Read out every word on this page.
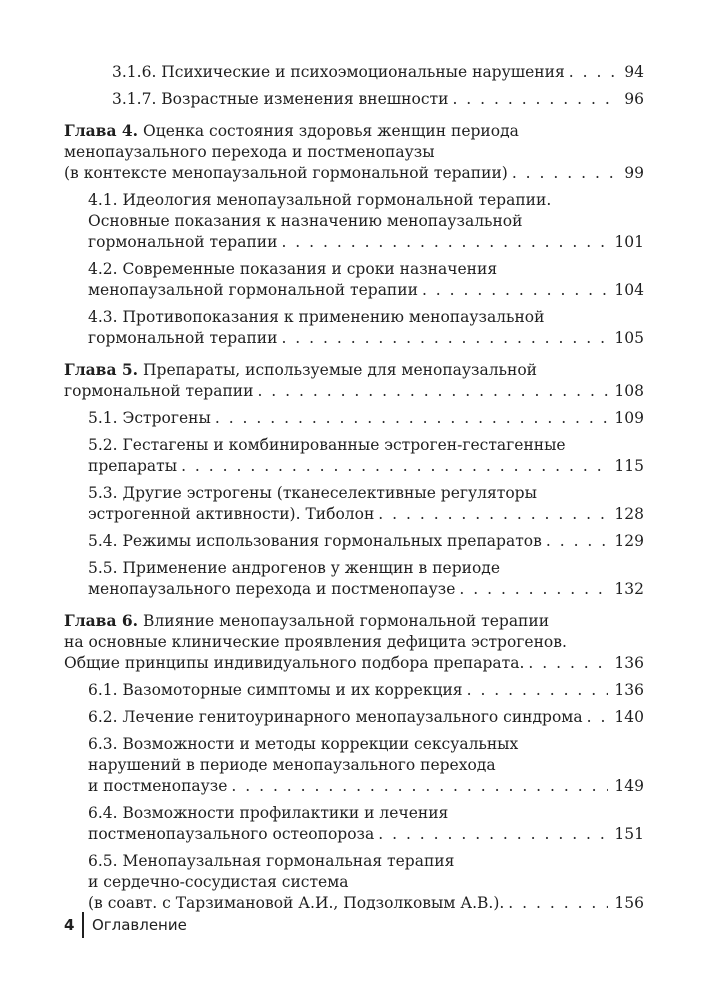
3.1.6. Психические и психоэмоциональные нарушения . . .	94
3.1.7. Возрастные изменения внешности . . .	96
Глава 4. Оценка состояния здоровья женщин периода
менопаузального перехода и постменопаузы
(в контексте менопаузальной гормональной терапии) . . .	99
4.1. Идеология менопаузальной гормональной терапии.
Основные показания к назначению менопаузальной
гормональной терапии . . .	101
4.2. Современные показания и сроки назначения
менопаузальной гормональной терапии . . .	104
4.3. Противопоказания к применению менопаузальной
гормональной терапии . . .	105
Глава 5. Препараты, используемые для менопаузальной
гормональной терапии . . .	108
5.1. Эстрогены . . .	109
5.2. Гестагены и комбинированные эстроген-гестагенные
препараты . . .	115
5.3. Другие эстрогены (тканеселективные регуляторы
эстрогенной активности). Тиболон . . .	128
5.4. Режимы использования гормональных препаратов . . .	129
5.5. Применение андрогенов у женщин в периоде
менопаузального перехода и постменопаузе . . .	132
Глава 6. Влияние менопаузальной гормональной терапии
на основные клинические проявления дефицита эстрогенов.
Общие принципы индивидуального подбора препарата. . . .	136
6.1. Вазомоторные симптомы и их коррекция . . .	136
6.2. Лечение генитоуринарного менопаузального синдрома . . . 140
6.3. Возможности и методы коррекции сексуальных
нарушений в периоде менопаузального перехода
и постменопаузе . . .	149
6.4. Возможности профилактики и лечения
постменопаузального остеопороза . . .	151
6.5. Менопаузальная гормональная терапия
и сердечно-сосудистая система
(в соавт. с Тарзимановой А.И., Подзолковым А.В.). . . .	156
4	Оглавление
